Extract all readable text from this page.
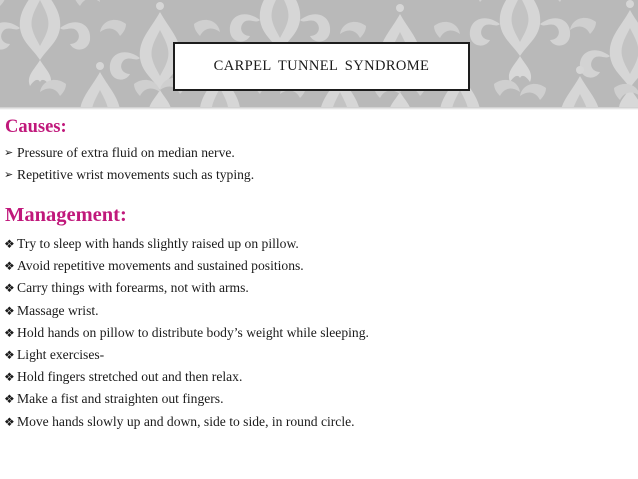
CARPEL TUNNEL SYNDROME
Causes:
➢ Pressure of extra fluid on median nerve.
➢ Repetitive wrist movements such as typing.
Management:
❖ Try to sleep with hands slightly raised up on pillow.
❖ Avoid repetitive movements and sustained positions.
❖ Carry things with forearms, not with arms.
❖ Massage wrist.
❖ Hold hands on pillow to distribute body’s weight while sleeping.
❖ Light exercises-
❖ Hold fingers stretched out and then relax.
❖ Make a fist and straighten out fingers.
❖ Move hands slowly up and down, side to side, in round circle.
